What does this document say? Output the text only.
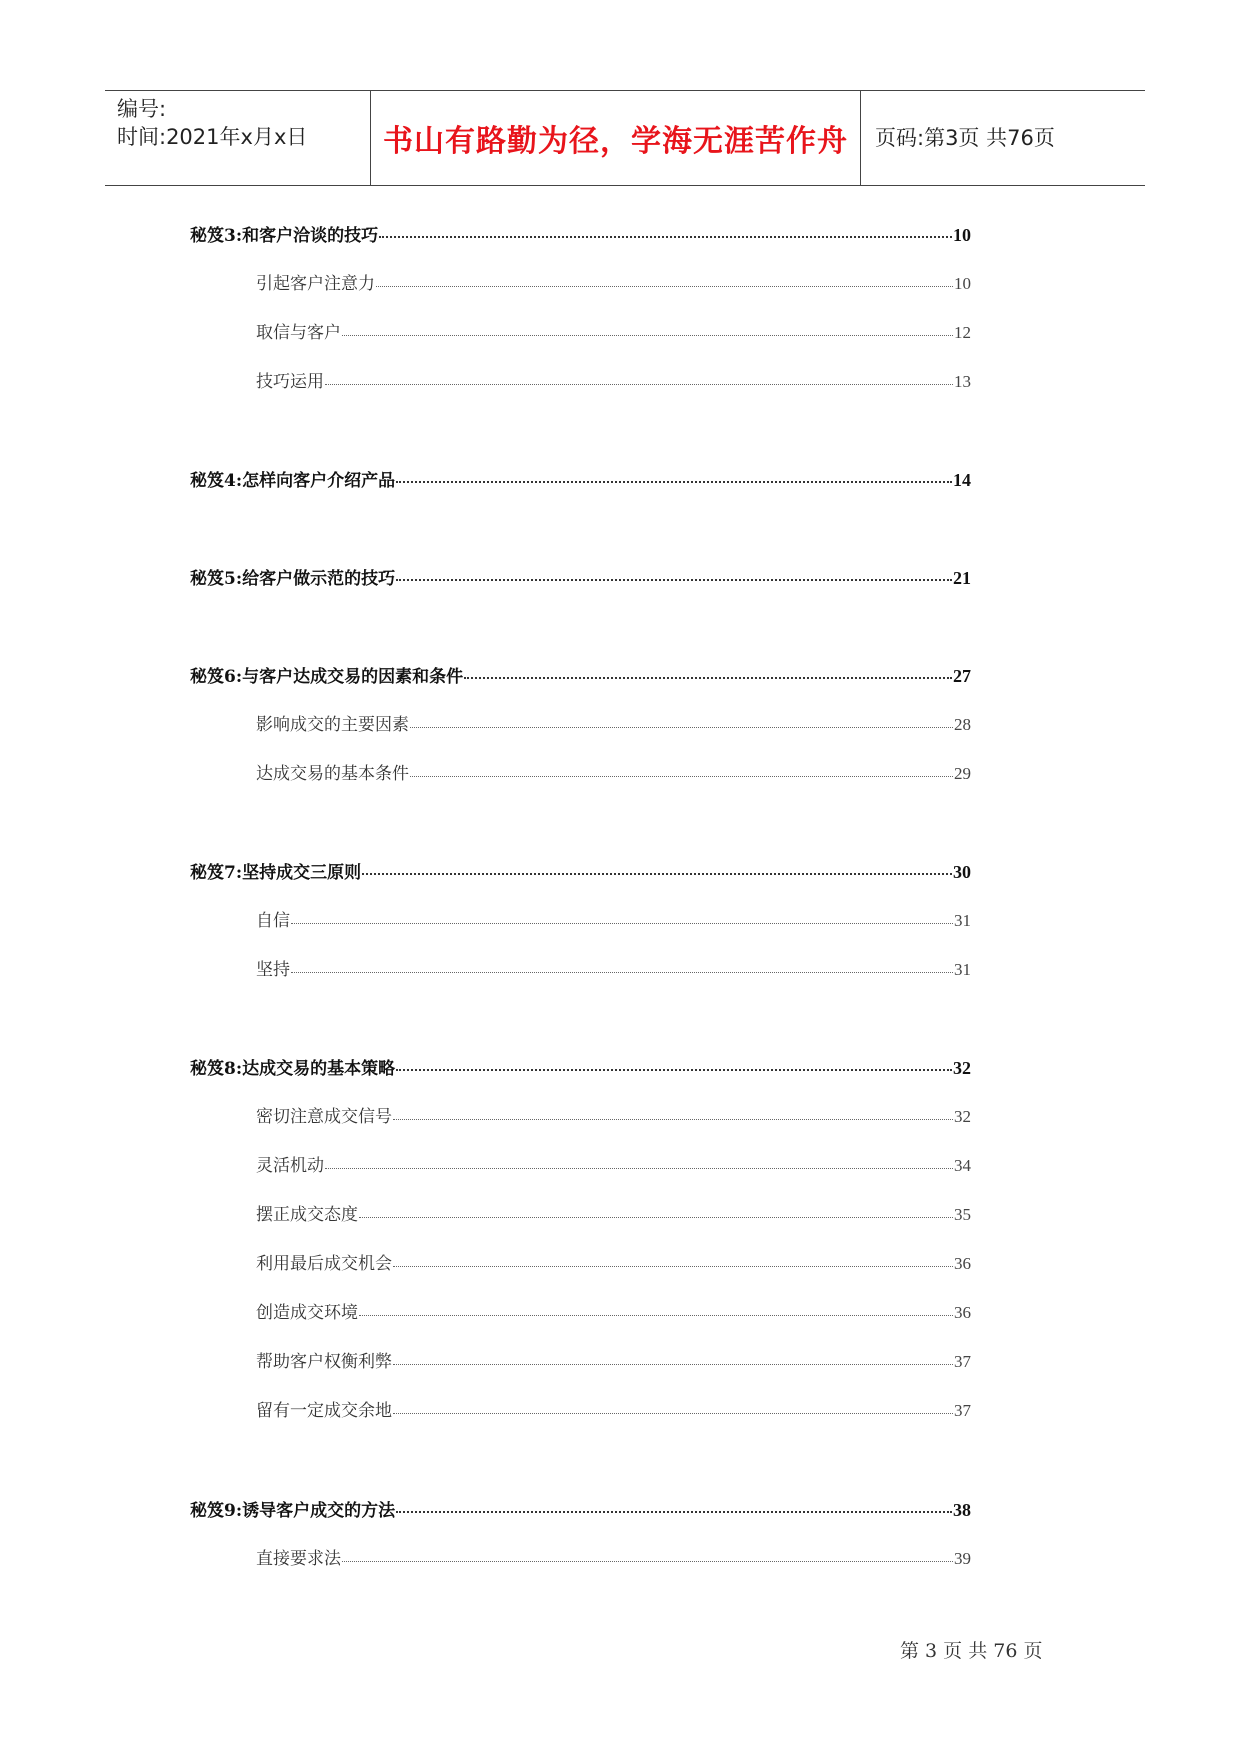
编号:
时间:2021年x月x日	书山有路勤为径，学海无涯苦作舟	页码:第3页 共76页
秘笈3:和客户洽谈的技巧	10
引起客户注意力	10
取信与客户	12
技巧运用	13
秘笈4:怎样向客户介绍产品	14
秘笈5:给客户做示范的技巧	21
秘笈6:与客户达成交易的因素和条件	27
影响成交的主要因素	28
达成交易的基本条件	29
秘笈7:坚持成交三原则	30
自信	31
坚持	31
秘笈8:达成交易的基本策略	32
密切注意成交信号	32
灵活机动	34
摆正成交态度	35
利用最后成交机会	36
创造成交环境	36
帮助客户权衡利弊	37
留有一定成交余地	37
秘笈9:诱导客户成交的方法	38
直接要求法	39
第 3 页 共 76 页
